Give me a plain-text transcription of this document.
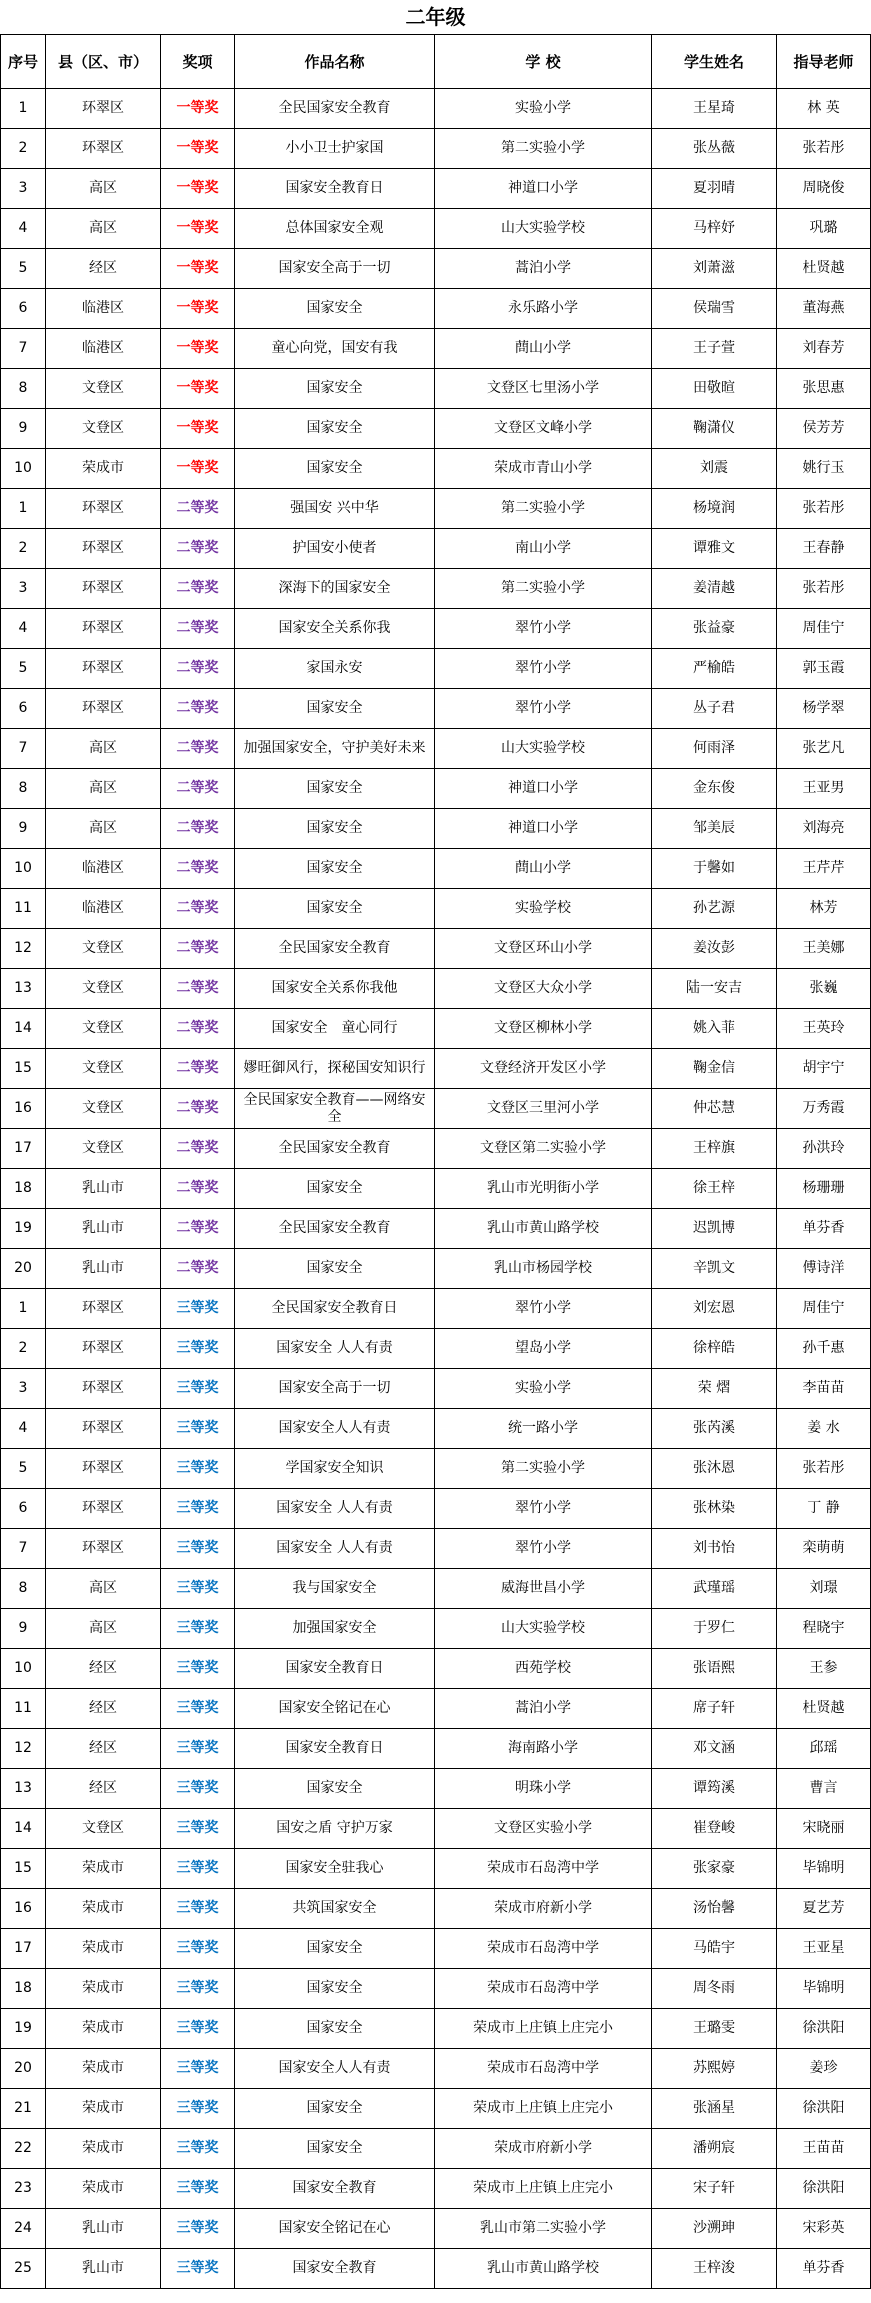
二年级
序号	县（区、市）	奖项	作品名称	学 校	学生姓名	指导老师
1	环翠区	一等奖	全民国家安全教育	实验小学	王星琦	林 英
2	环翠区	一等奖	小小卫士护家国	第二实验小学	张丛薇	张若彤
3	高区	一等奖	国家安全教育日	神道口小学	夏羽晴	周晓俊
4	高区	一等奖	总体国家安全观	山大实验学校	马梓妤	巩璐
5	经区	一等奖	国家安全高于一切	蒿泊小学	刘萧滋	杜贤越
6	临港区	一等奖	国家安全	永乐路小学	侯瑞雪	董海燕
7	临港区	一等奖	童心向党，国安有我	蔄山小学	王子萱	刘春芳
8	文登区	一等奖	国家安全	文登区七里汤小学	田敬暄	张思惠
9	文登区	一等奖	国家安全	文登区文峰小学	鞠潇仪	侯芳芳
10	荣成市	一等奖	国家安全	荣成市青山小学	刘震	姚行玉
1	环翠区	二等奖	强国安 兴中华	第二实验小学	杨境润	张若彤
2	环翠区	二等奖	护国安小使者	南山小学	谭雅文	王春静
3	环翠区	二等奖	深海下的国家安全	第二实验小学	姜清越	张若彤
4	环翠区	二等奖	国家安全关系你我	翠竹小学	张益豪	周佳宁
5	环翠区	二等奖	家国永安	翠竹小学	严榆皓	郭玉霞
6	环翠区	二等奖	国家安全	翠竹小学	丛子君	杨学翠
7	高区	二等奖	加强国家安全，守护美好未来	山大实验学校	何雨泽	张艺凡
8	高区	二等奖	国家安全	神道口小学	金东俊	王亚男
9	高区	二等奖	国家安全	神道口小学	邹美辰	刘海亮
10	临港区	二等奖	国家安全	蔄山小学	于馨如	王芹芹
11	临港区	二等奖	国家安全	实验学校	孙艺源	林芳
12	文登区	二等奖	全民国家安全教育	文登区环山小学	姜汝彭	王美娜
13	文登区	二等奖	国家安全关系你我他	文登区大众小学	陆一安吉	张巍
14	文登区	二等奖	国家安全　童心同行	文登区柳林小学	姚入菲	王英玲
15	文登区	二等奖	嫪旺御风行，探秘国安知识行	文登经济开发区小学	鞠金信	胡宇宁
16	文登区	二等奖	全民国家安全教育——网络安全	文登区三里河小学	仲芯慧	万秀霞
17	文登区	二等奖	全民国家安全教育	文登区第二实验小学	王梓旗	孙洪玲
18	乳山市	二等奖	国家安全	乳山市光明街小学	徐王梓	杨珊珊
19	乳山市	二等奖	全民国家安全教育	乳山市黄山路学校	迟凯博	单芬香
20	乳山市	二等奖	国家安全	乳山市杨园学校	辛凯文	傅诗洋
1	环翠区	三等奖	全民国家安全教育日	翠竹小学	刘宏恩	周佳宁
2	环翠区	三等奖	国家安全 人人有责	望岛小学	徐梓皓	孙千惠
3	环翠区	三等奖	国家安全高于一切	实验小学	荣 熠	李苗苗
4	环翠区	三等奖	国家安全人人有责	统一路小学	张芮溪	姜 水
5	环翠区	三等奖	学国家安全知识	第二实验小学	张沐恩	张若彤
6	环翠区	三等奖	国家安全 人人有责	翠竹小学	张林染	丁 静
7	环翠区	三等奖	国家安全 人人有责	翠竹小学	刘书怡	栾萌萌
8	高区	三等奖	我与国家安全	威海世昌小学	武瑾瑶	刘璟
9	高区	三等奖	加强国家安全	山大实验学校	于罗仁	程晓宇
10	经区	三等奖	国家安全教育日	西苑学校	张语熙	王参
11	经区	三等奖	国家安全铭记在心	蒿泊小学	席子轩	杜贤越
12	经区	三等奖	国家安全教育日	海南路小学	邓文涵	邱瑶
13	经区	三等奖	国家安全	明珠小学	谭筠溪	曹言
14	文登区	三等奖	国安之盾 守护万家	文登区实验小学	崔登峻	宋晓丽
15	荣成市	三等奖	国家安全驻我心	荣成市石岛湾中学	张家豪	毕锦明
16	荣成市	三等奖	共筑国家安全	荣成市府新小学	汤怡馨	夏艺芳
17	荣成市	三等奖	国家安全	荣成市石岛湾中学	马皓宇	王亚星
18	荣成市	三等奖	国家安全	荣成市石岛湾中学	周冬雨	毕锦明
19	荣成市	三等奖	国家安全	荣成市上庄镇上庄完小	王璐雯	徐洪阳
20	荣成市	三等奖	国家安全人人有责	荣成市石岛湾中学	苏熙婷	姜珍
21	荣成市	三等奖	国家安全	荣成市上庄镇上庄完小	张涵星	徐洪阳
22	荣成市	三等奖	国家安全	荣成市府新小学	潘朔宸	王苗苗
23	荣成市	三等奖	国家安全教育	荣成市上庄镇上庄完小	宋子轩	徐洪阳
24	乳山市	三等奖	国家安全铭记在心	乳山市第二实验小学	沙溯珅	宋彩英
25	乳山市	三等奖	国家安全教育	乳山市黄山路学校	王梓浚	单芬香
